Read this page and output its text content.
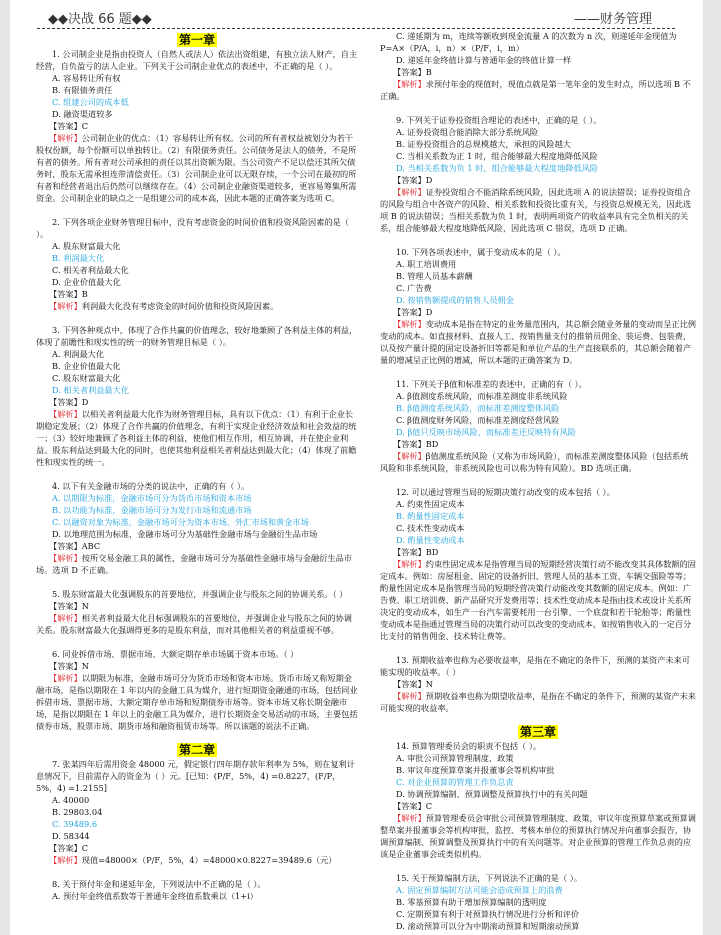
◆◆决战 66 题◆◆	——财务管理
第一章

1. 公司制企业是指由投资人（自然人或法人）依法出资组建，有独立法人财产，自主经营，自负盈亏的法人企业。下列关于公司制企业优点的表述中，不正确的是（ ）。

A. 容易转让所有权

B. 有限债务责任

C. 组建公司的成本低

D. 融资渠道较多

【答案】C

【解析】公司制企业的优点：（1）容易转让所有权。公司的所有者权益被划分为若干股权份额，每个份额可以单独转让。（2）有限债务责任。公司债务是法人的债务，不是所有者的债务。所有者对公司承担的责任以其出资额为限。当公司资产不足以偿还其所欠债务时，股东无需承担连带清偿责任。（3）公司制企业可以无限存续，一个公司在最初的所有者和经营者退出后仍然可以继续存在。（4）公司制企业融资渠道较多，更容易筹集所需资金。公司制企业的缺点之一是组建公司的成本高，因此本题的正确答案为选项 C。

2. 下列各项企业财务管理目标中，没有考虑资金的时间价值和投资风险因素的是（ ）。

A. 股东财富最大化

B. 利润最大化

C. 相关者利益最大化

D. 企业价值最大化

【答案】B

【解析】利润最大化没有考虑资金的时间价值和投资风险因素。

3. 下列各种观点中，体现了合作共赢的价值理念，较好地兼顾了各利益主体的利益，体现了前瞻性和现实性的统一的财务管理目标是（ ）。

A. 利润最大化

B. 企业价值最大化

C. 股东财富最大化

D. 相关者利益最大化

【答案】D

【解析】以相关者利益最大化作为财务管理目标，具有以下优点：（1）有利于企业长期稳定发展；（2）体现了合作共赢的价值理念，有利于实现企业经济效益和社会效益的统一；（3）较好地兼顾了各利益主体的利益，使他们相互作用，相互协调，并在使企业利益、股东利益达到最大化的同时，也使其他利益相关者利益达到最大化；（4）体现了前瞻性和现实性的统一。

4. 以下有关金融市场的分类的说法中，正确的有（ ）。

A. 以期限为标准，金融市场可分为货币市场和资本市场

B. 以功能为标准，金融市场可分为发行市场和流通市场

C. 以融资对象为标准，金融市场可分为资本市场、外汇市场和黄金市场

D. 以地理范围为标准，金融市场可分为基础性金融市场与金融衍生品市场

【答案】ABC

【解析】按所交易金融工具的属性，金融市场可分为基础性金融市场与金融衍生品市场。选项 D 不正确。

5. 股东财富最大化强调股东的首要地位，并强调企业与股东之间的协调关系。（ ）

【答案】N

【解析】相关者利益最大化目标强调股东的首要地位，并强调企业与股东之间的协调关系。股东财富最大化强调得更多的是股东利益，而对其他相关者的利益重视不够。

6. 同业拆借市场、票据市场、大额定期存单市场属于资本市场。（ ）

【答案】N

【解析】以期限为标准，金融市场可分为货币市场和资本市场。货币市场又称短期金融市场，是指以期限在 1 年以内的金融工具为媒介，进行短期资金融通的市场，包括同业拆借市场、票据市场、大额定期存单市场和短期债券市场等。资本市场又称长期金融市场，是指以期限在 1 年以上的金融工具为媒介，进行长期资金交易活动的市场，主要包括债券市场、股票市场、期货市场和融资租赁市场等。所以该题的说法不正确。

第二章

7. 张某四年后需用资金 48000 元，假定银行四年期存款年利率为 5%，则在复利计息情况下，目前需存入的资金为（ ）元。[已知：(P/F，5%，4) =0.8227，(F/P，5%，4) =1.2155]

A. 40000

B. 29803.04

C. 39489.6

D. 58344

【答案】C

【解析】现值=48000×（P/F，5%，4）=48000×0.8227=39489.6（元）

8. 关于预付年金和递延年金，下列说法中不正确的是（ ）。

A. 预付年金终值系数等于普通年金终值系数乘以（1+i）

C. 递延期为 m，连续等额收到现金流量 A 的次数为 n 次，则递延年金现值为 P=A×（P/A，i，n）×（P/F，i，m）

D. 递延年金终值计算与普通年金的终值计算一样

【答案】B

【解析】求预付年金的现值时，现值点就是第一笔年金的发生时点，所以选项 B 不正确。

9. 下列关于证券投资组合理论的表述中，正确的是（ ）。

A. 证券投资组合能消除大部分系统风险

B. 证券投资组合的总规模越大，承担的风险越大

C. 当相关系数为正 1 时，组合能够最大程度地降低风险

D. 当相关系数为负 1 时，组合能够最大程度地降低风险

【答案】D

【解析】证券投资组合不能消除系统风险，因此选项 A 的说法错误；证券投资组合的风险与组合中各资产的风险、相关系数和投资比重有关，与投资总规模无关，因此选项 B 的说法错误；当相关系数为负 1 时，表明两项资产的收益率具有完全负相关的关系，组合能够最大程度地降低风险，因此选项 C 错误，选项 D 正确。

10. 下列各项表述中，属于变动成本的是（ ）。

A. 职工培训费用

B. 管理人员基本薪酬

C. 广告费

D. 按销售额提成的销售人员佣金

【答案】D

【解析】变动成本是指在特定的业务量范围内，其总额会随业务量的变动而呈正比例变动的成本。如直接材料、直接人工、按销售量支付的推销员佣金、装运费、包装费，以及按产量计提的固定设备折旧等都是和单位产品的生产直接联系的，其总额会随着产量的增减呈正比例的增减，所以本题的正确答案为 D。

11. 下列关于β值和标准差的表述中，正确的有（ ）。

A. β值测度系统风险，而标准差测度非系统风险

B. β值测度系统风险，而标准差测度整体风险

C. β值测度财务风险，而标准差测度经营风险

D. β值只反映市场风险，而标准差还反映特有风险

【答案】BD

【解析】β值测度系统风险（又称为市场风险），而标准差测度整体风险（包括系统风险和非系统风险，非系统风险也可以称为特有风险）。BD 选项正确。

12. 可以通过管理当局的短期决策行动改变的成本包括（ ）。

A. 约束性固定成本

B. 酌量性固定成本

C. 技术性变动成本

D. 酌量性变动成本

【答案】BD

【解析】约束性固定成本是指管理当局的短期经营决策行动不能改变其具体数额的固定成本。例如：房屋租金、固定的设备折旧、管理人员的基本工资、车辆交强险等等；酌量性固定成本是指管理当局的短期经营决策行动能改变其数额的固定成本。例如：广告费、职工培训费、新产品研究开发费用等；技术性变动成本是指由技术或设计关系所决定的变动成本，如生产一台汽车需要耗用一台引擎、一个底盘和若干轮胎等；酌量性变动成本是指通过管理当局的决策行动可以改变的变动成本，如按销售收入的一定百分比支付的销售佣金、技术转让费等。

13. 预期收益率也称为必要收益率，是指在不确定的条件下，预测的某资产未来可能实现的收益率。（ ）

【答案】N

【解析】预期收益率也称为期望收益率，是指在不确定的条件下，预测的某资产未来可能实现的收益率。

第三章

14. 预算管理委员会的职责不包括（ ）。

A. 审批公司预算管理制度、政策

B. 审议年度预算草案并报董事会等机构审批

C. 对企业预算的管理工作负总责

D. 协调预算编制、预算调整及预算执行中的有关问题

【答案】C

【解析】预算管理委员会审批公司预算管理制度、政策，审议年度预算草案或预算调整草案并报董事会等机构审批，监控、考核本单位的预算执行情况并向董事会报告，协调预算编制、预算调整及预算执行中的有关问题等。对企业预算的管理工作负总责的应该是企业董事会或类似机构。

15. 关于预算编制方法，下列说法不正确的是（ ）。

A. 固定预算编制方法可能会造成预算上的浪费

B. 零基预算有助于增加预算编制的透明度

C. 定期预算有利于对预算执行情况进行分析和评价

D. 滚动预算可以分为中期滚动预算和短期滚动预算
